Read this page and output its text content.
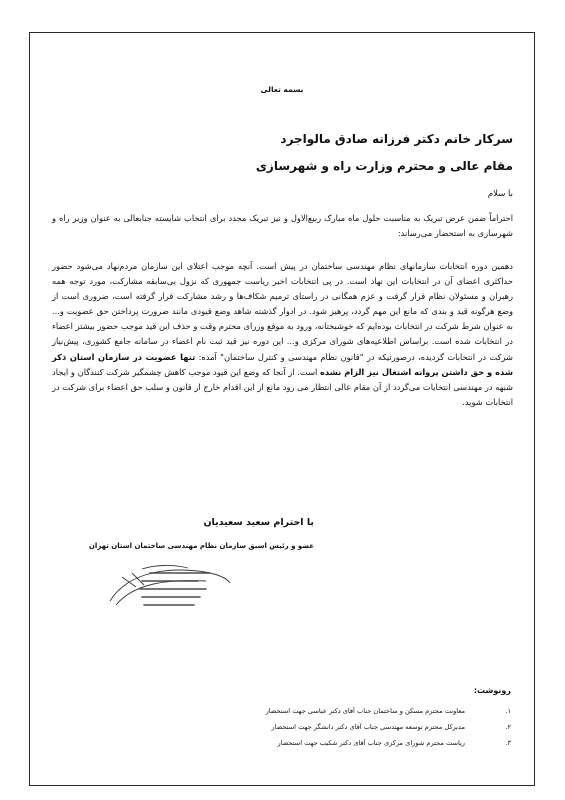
بسمه تعالی
سرکار خانم دکتر فرزانه صادق مالواجرد
مقام عالی و محترم وزارت راه و شهرسازی
با سلام

احتراماً ضمن عرض تبریک به مناسبت حلول ماه مبارک ربیع‌الاول و نیز تبریک مجدد برای انتخاب شایسته جنابعالی به عنوان وزیر راه و شهرسازی به استحضار می‌رساند:

دهمین دوره انتخابات سازمانهای نظام مهندسی ساختمان در پیش است. آنچه موجب اعتلای این سازمان مردم‌نهاد می‌شود حضور حداکثری اعضای آن در انتخابات این نهاد است. در پی انتخابات اخیر ریاست جمهوری که نزول بی‌سابقه مشارکت، مورد توجه همه رهبران و مسئولان نظام قرار گرفت و عزم همگانی در راستای ترمیم شکاف‌ها و رشد مشارکت قرار گرفته است، ضروری است از وضع هرگونه قید و بندی که مانع این مهم گردد، پرهیز شود. در ادوار گذشته شاهد وضع قیودی مانند ضرورت پرداختن حق عضویت و... به عنوان شرط شرکت در انتخابات بوده‌ایم که خوشبختانه، ورود به موقع وزرای محترم وقت و حذف این قید موجب حضور بیشتر اعضاء در انتخابات شده است. براساس اطلاعیه‌های شورای مرکزی و... این دوره نیز قید ثبت نام اعضاء در سامانه جامع کشوری، پیش‌نیاز شرکت در انتخابات گردیده، درصورتیکه در "قانون نظام مهندسی و کنترل ساختمان" آمده: تنها عضویت در سازمان استان ذکر شده و حق داشتن پروانه اشتغال نیز الزام نشده است. از آنجا که وضع این قیود موجب کاهش چشمگیر شرکت کنندگان و ایجاد شبهه در مهندسی انتخابات می‌گردد از آن مقام عالی انتظار می رود مانع از این اقدام خارج از قانون و سلب حق اعضاء برای شرکت در انتخابات شوید.

با احترام سعید سعیدیان
عضو و رئیس اسبق سازمان نظام مهندسی ساختمان استان تهران
رونوشت:
۱.
معاونت محترم مسکن و ساختمان جناب آقای دکتر عباسی جهت استحضار
۲.
مدیرکل محترم توسعه مهندسی جناب آقای دکتر دانشگر جهت استحضار
۳.
ریاست محترم شورای مرکزی جناب آقای دکتر شکیب جهت استحضار
